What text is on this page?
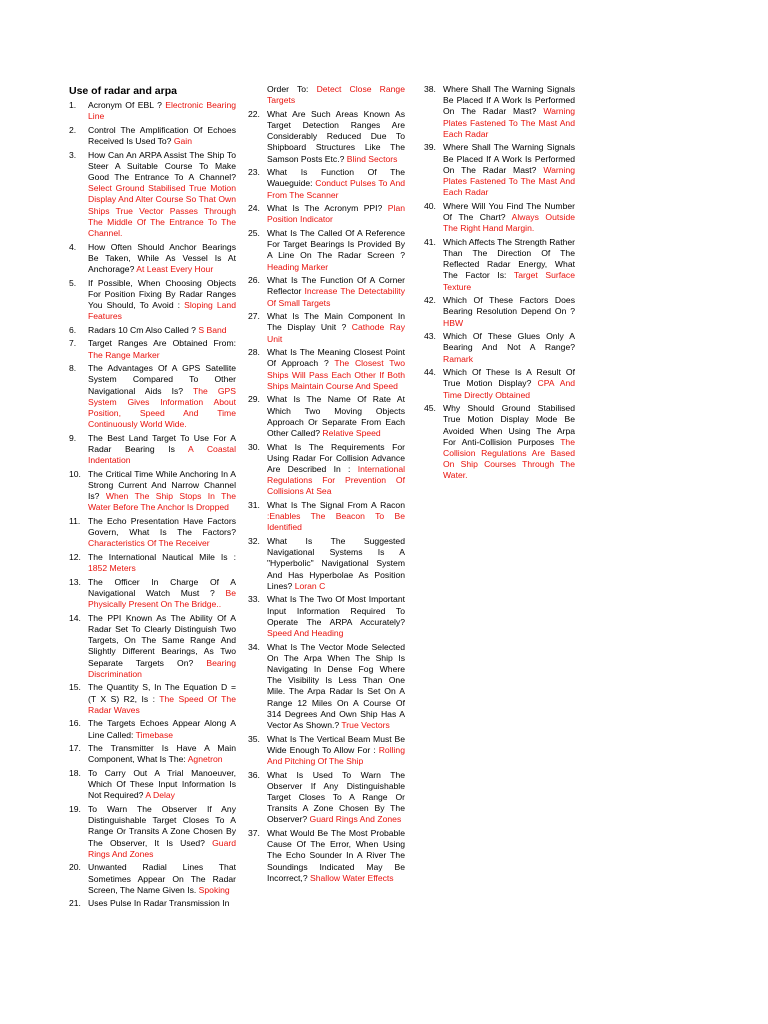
Use of radar and arpa
1. Acronym Of EBL ? Electronic Bearing Line
2. Control The Amplification Of Echoes Received Is Used To? Gain
3. How Can An ARPA Assist The Ship To Steer A Suitable Course To Make Good The Entrance To A Channel? Select Ground Stabilised True Motion Display And Alter Course So That Own Ships True Vector Passes Through The Middle Of The Entrance To The Channel.
4. How Often Should Anchor Bearings Be Taken, While As Vessel Is At Anchorage? At Least Every Hour
5. If Possible, When Choosing Objects For Position Fixing By Radar Ranges You Should, To Avoid : Sloping Land Features
6. Radars 10 Cm Also Called ? S Band
7. Target Ranges Are Obtained From: The Range Marker
8. The Advantages Of A GPS Satellite System Compared To Other Navigational Aids Is? The GPS System Gives Information About Position, Speed And Time Continuously World Wide.
9. The Best Land Target To Use For A Radar Bearing Is A Coastal Indentation
10. The Critical Time While Anchoring In A Strong Current And Narrow Channel Is? When The Ship Stops In The Water Before The Anchor Is Dropped
11. The Echo Presentation Have Factors Govern, What Is The Factors? Characteristics Of The Receiver
12. The International Nautical Mile Is : 1852 Meters
13. The Officer In Charge Of A Navigational Watch Must ? Be Physically Present On The Bridge..
14. The PPI Known As The Ability Of A Radar Set To Clearly Distinguish Two Targets, On The Same Range And Slightly Different Bearings, As Two Separate Targets On? Bearing Discrimination
15. The Quantity S, In The Equation D = (T X S) R2, Is : The Speed Of The Radar Waves
16. The Targets Echoes Appear Along A Line Called: Timebase
17. The Transmitter Is Have A Main Component, What Is The: Agnetron
18. To Carry Out A Trial Manoeuver, Which Of These Input Information Is Not Required? A Delay
19. To Warn The Observer If Any Distinguishable Target Closes To A Range Or Transits A Zone Chosen By The Observer, It Is Used? Guard Rings And Zones
20. Unwanted Radial Lines That Sometimes Appear On The Radar Screen, The Name Given Is. Spoking
21. Uses Pulse In Radar Transmission In
Order To: Detect Close Range Targets
22. What Are Such Areas Known As Target Detection Ranges Are Considerably Reduced Due To Shipboard Structures Like The Samson Posts Etc.? Blind Sectors
23. What Is Function Of The Waueguide: Conduct Pulses To And From The Scanner
24. What Is The Acronym PPI? Plan Position Indicator
25. What Is The Called Of A Reference For Target Bearings Is Provided By A Line On The Radar Screen ? Heading Marker
26. What Is The Function Of A Corner Reflector Increase The Detectability Of Small Targets
27. What Is The Main Component In The Display Unit ? Cathode Ray Unit
28. What Is The Meaning Closest Point Of Approach ? The Closest Two Ships Will Pass Each Other If Both Ships Maintain Course And Speed
29. What Is The Name Of Rate At Which Two Moving Objects Approach Or Separate From Each Other Called? Relative Speed
30. What Is The Requirements For Using Radar For Collision Advance Are Described In : International Regulations For Prevention Of Collisions At Sea
31. What Is The Signal From A Racon :Enables The Beacon To Be Identified
32. What Is The Suggested Navigational Systems Is A "Hyperbolic" Navigational System And Has Hyperbolae As Position Lines? Loran C
33. What Is The Two Of Most Important Input Information Required To Operate The ARPA Accurately? Speed And Heading
34. What Is The Vector Mode Selected On The Arpa When The Ship Is Navigating In Dense Fog Where The Visibility Is Less Than One Mile. The Arpa Radar Is Set On A Range 12 Miles On A Course Of 314 Degrees And Own Ship Has A Vector As Shown.? True Vectors
35. What Is The Vertical Beam Must Be Wide Enough To Allow For : Rolling And Pitching Of The Ship
36. What Is Used To Warn The Observer If Any Distinguishable Target Closes To A Range Or Transits A Zone Chosen By The Observer? Guard Rings And Zones
37. What Would Be The Most Probable Cause Of The Error, When Using The Echo Sounder In A River The Soundings Indicated May Be Incorrect,? Shallow Water Effects
38. Where Shall The Warning Signals Be Placed If A Work Is Performed On The Radar Mast? Warning Plates Fastened To The Mast And Each Radar
39. Where Shall The Warning Signals Be Placed If A Work Is Performed On The Radar Mast? Warning Plates Fastened To The Mast And Each Radar
40. Where Will You Find The Number Of The Chart? Always Outside The Right Hand Margin.
41. Which Affects The Strength Rather Than The Direction Of The Reflected Radar Energy, What The Factor Is: Target Surface Texture
42. Which Of These Factors Does Bearing Resolution Depend On ? HBW
43. Which Of These Glues Only A Bearing And Not A Range? Ramark
44. Which Of These Is A Result Of True Motion Display? CPA And Time Directly Obtained
45. Why Should Ground Stabilised True Motion Display Mode Be Avoided When Using The Arpa For Anti-Collision Purposes The Collision Regulations Are Based On Ship Courses Through The Water.
